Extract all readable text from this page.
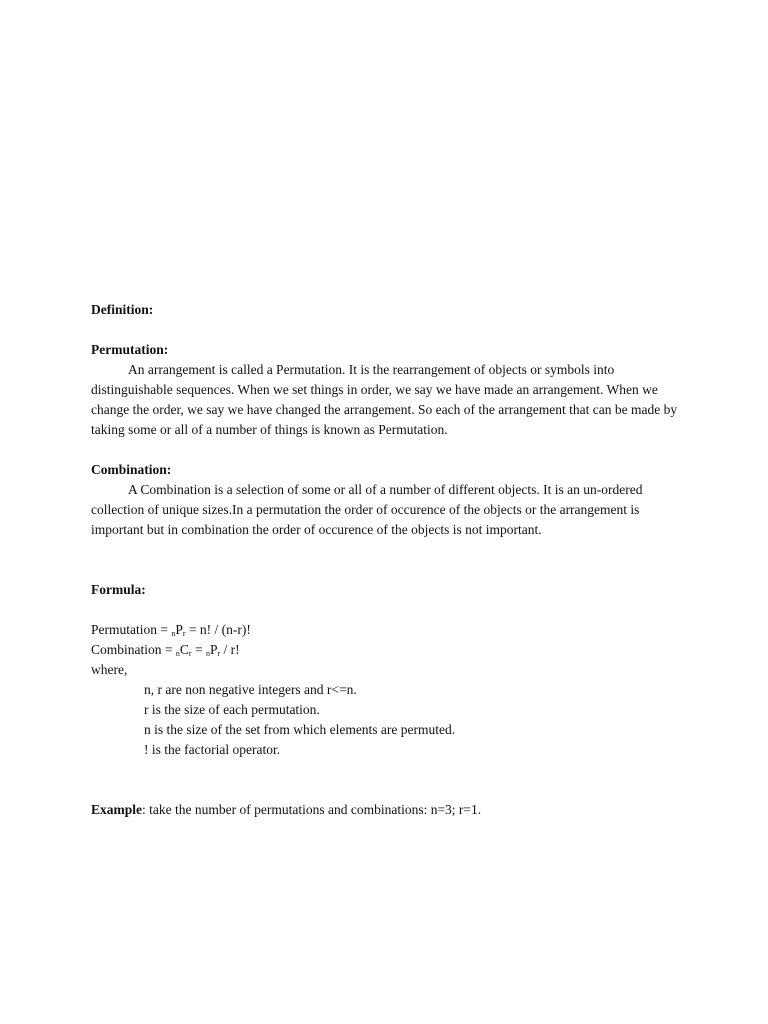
Definition:

Permutation:

An arrangement is called a Permutation. It is the rearrangement of objects or symbols into distinguishable sequences. When we set things in order, we say we have made an arrangement. When we change the order, we say we have changed the arrangement. So each of the arrangement that can be made by taking some or all of a number of things is known as Permutation.

Combination:

A Combination is a selection of some or all of a number of different objects. It is an un-ordered collection of unique sizes.In a permutation the order of occurence of the objects or the arrangement is important but in combination the order of occurence of the objects is not important.

Formula:

Permutation = $_nP_r = n$! / (n-r)!

Combination = $_nC_r = _nP_r / r$!

where,

n, r are non negative integers and r<=n.

r is the size of each permutation.

n is the size of the set from which elements are permuted.

! is the factorial operator.

Example: take the number of permutations and combinations: n=3; r=1.
